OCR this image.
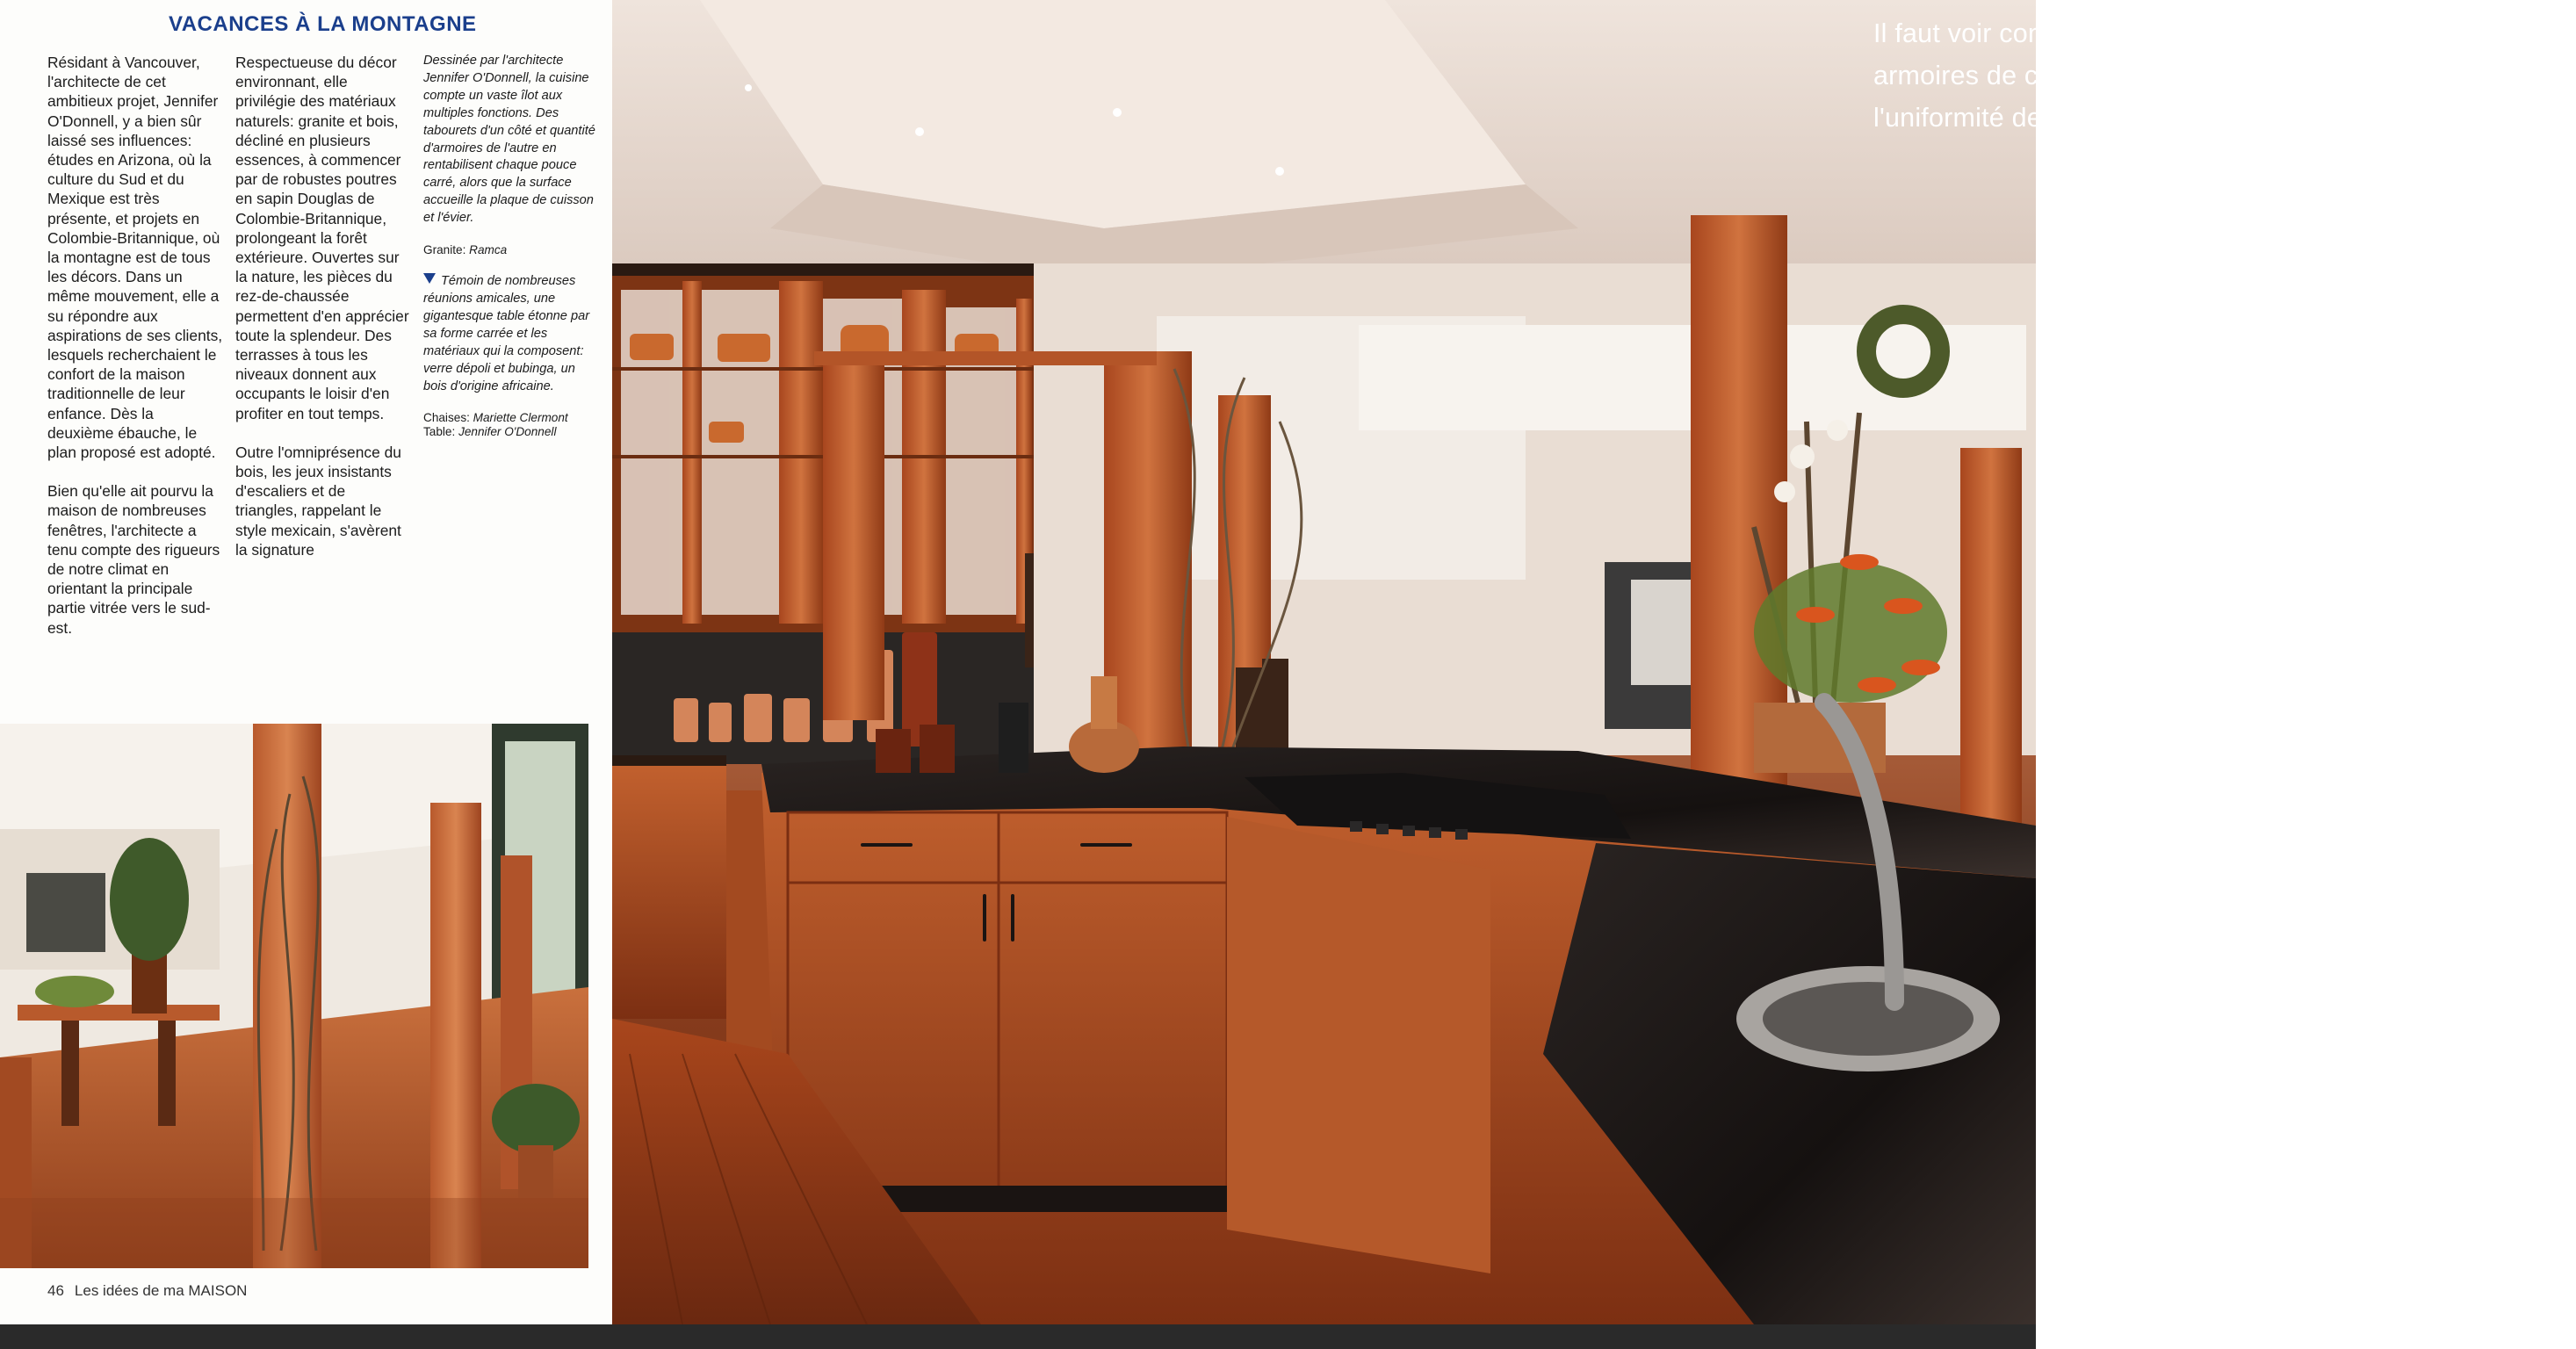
VACANCES À LA MONTAGNE

Résidant à Vancouver, l'architecte de cet ambitieux projet, Jennifer O'Donnell, y a bien sûr laissé ses influences: études en Arizona, où la culture du Sud et du Mexique est très présente, et projets en Colombie-Britannique, où la montagne est de tous les décors. Dans un même mouvement, elle a su répondre aux aspirations de ses clients, lesquels recherchaient le confort de la maison traditionnelle de leur enfance. Dès la deuxième ébauche, le plan proposé est adopté.

Bien qu'elle ait pourvu la maison de nombreuses fenêtres, l'architecte a tenu compte des rigueurs de notre climat en orientant la principale partie vitrée vers le sud-est.

Respectueuse du décor environnant, elle privilégie des matériaux naturels: granite et bois, décliné en plusieurs essences, à commencer par de robustes poutres en sapin Douglas de Colombie-Britannique, prolongeant la forêt extérieure. Ouvertes sur la nature, les pièces du rez-de-chaussée permettent d'en apprécier toute la splendeur. Des terrasses à tous les niveaux donnent aux occupants le loisir d'en profiter en tout temps.

Outre l'omniprésence du bois, les jeux insistants d'escaliers et de triangles, rappelant le style mexicain, s'avèrent la signature

Dessinée par l'architecte Jennifer O'Donnell, la cuisine compte un vaste îlot aux multiples fonctions. Des tabourets d'un côté et quantité d'armoires de l'autre en rentabilisent chaque pouce carré, alors que la surface accueille la plaque de cuisson et l'évier.

Granite: Ramca

Témoin de nombreuses réunions amicales, une gigantesque table étonne par sa forme carrée et les matériaux qui la composent: verre dépoli et bubinga, un bois d'origine africaine.

Chaises: Mariette Clermont
Table: Jennifer O'Donnell

46 Les idées de ma MAISON
Il faut voir comment la cuisine est mise en beauté par des armoires de cerisier, une essence privilégiée en raison de l'uniformité de son grain.
